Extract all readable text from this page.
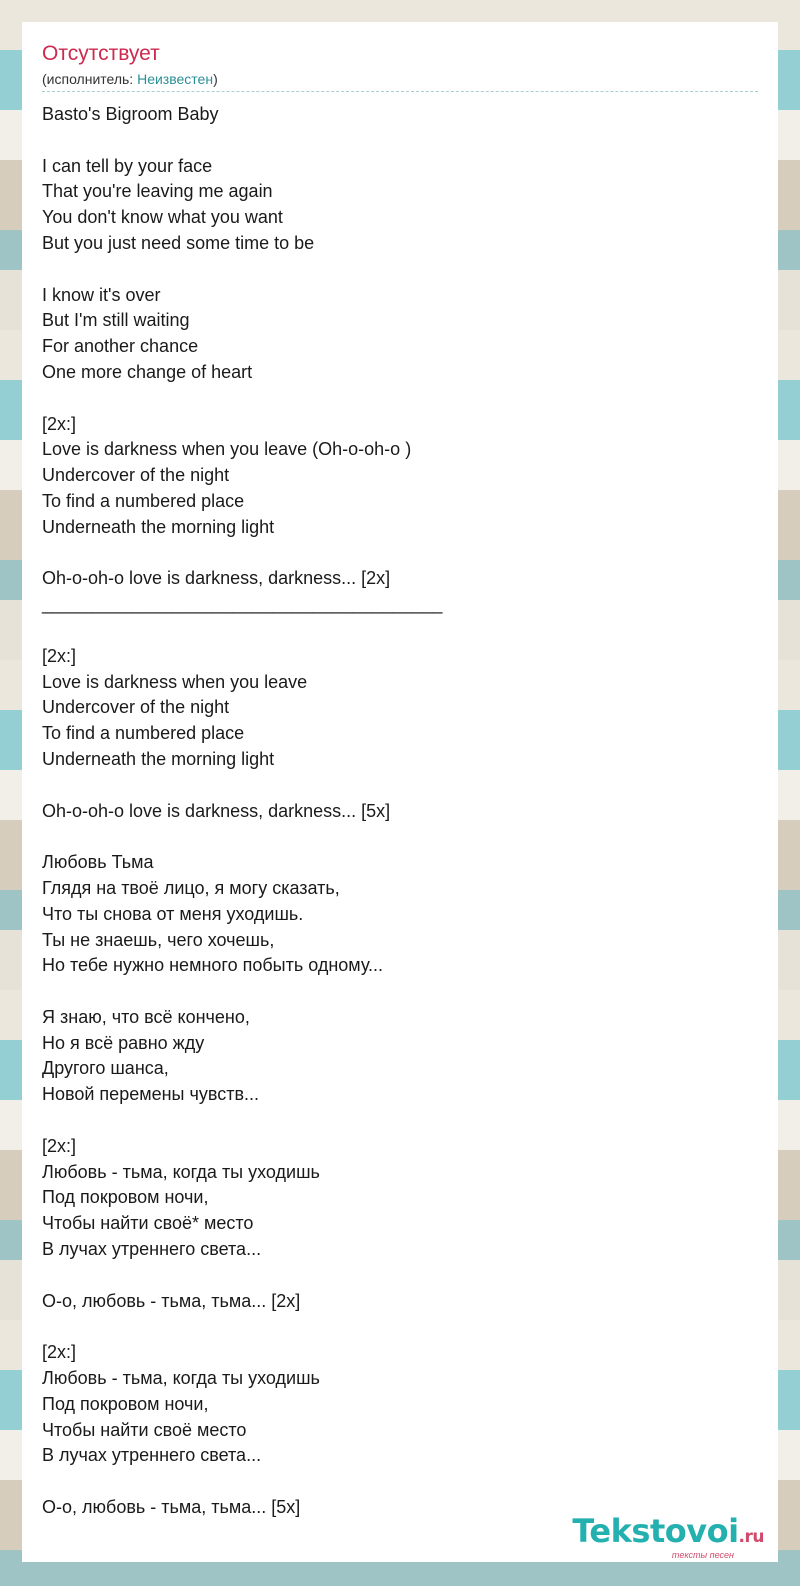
Отсутствует
(исполнитель: Неизвестен)
Basto's Bigroom Baby
I can tell by your face
That you're leaving me again
You don't know what you want
But you just need some time to be
I know it's over
But I'm still waiting
For another chance
One more change of heart
[2x:]
Love is darkness when you leave (Oh-o-oh-o )
Undercover of the night
To find a numbered place
Underneath the morning light
Oh-o-oh-o love is darkness, darkness... [2x]
________________________________________
[2x:]
Love is darkness when you leave
Undercover of the night
To find a numbered place
Underneath the morning light
Oh-o-oh-o love is darkness, darkness... [5x]
Любовь Тьма
Глядя на твоё лицо, я могу сказать,
Что ты снова от меня уходишь.
Ты не знаешь, чего хочешь,
Но тебе нужно немного побыть одному...
Я знаю, что всё кончено,
Но я всё равно жду
Другого шанса,
Новой перемены чувств...
[2x:]
Любовь - тьма, когда ты уходишь
Под покровом ночи,
Чтобы найти своё* место
В лучах утреннего света...
О-о, любовь - тьма, тьма... [2x]
[2x:]
Любовь - тьма, когда ты уходишь
Под покровом ночи,
Чтобы найти своё место
В лучах утреннего света...
О-о, любовь - тьма, тьма... [5x]
Tekstovoi.ru
тексты песен
